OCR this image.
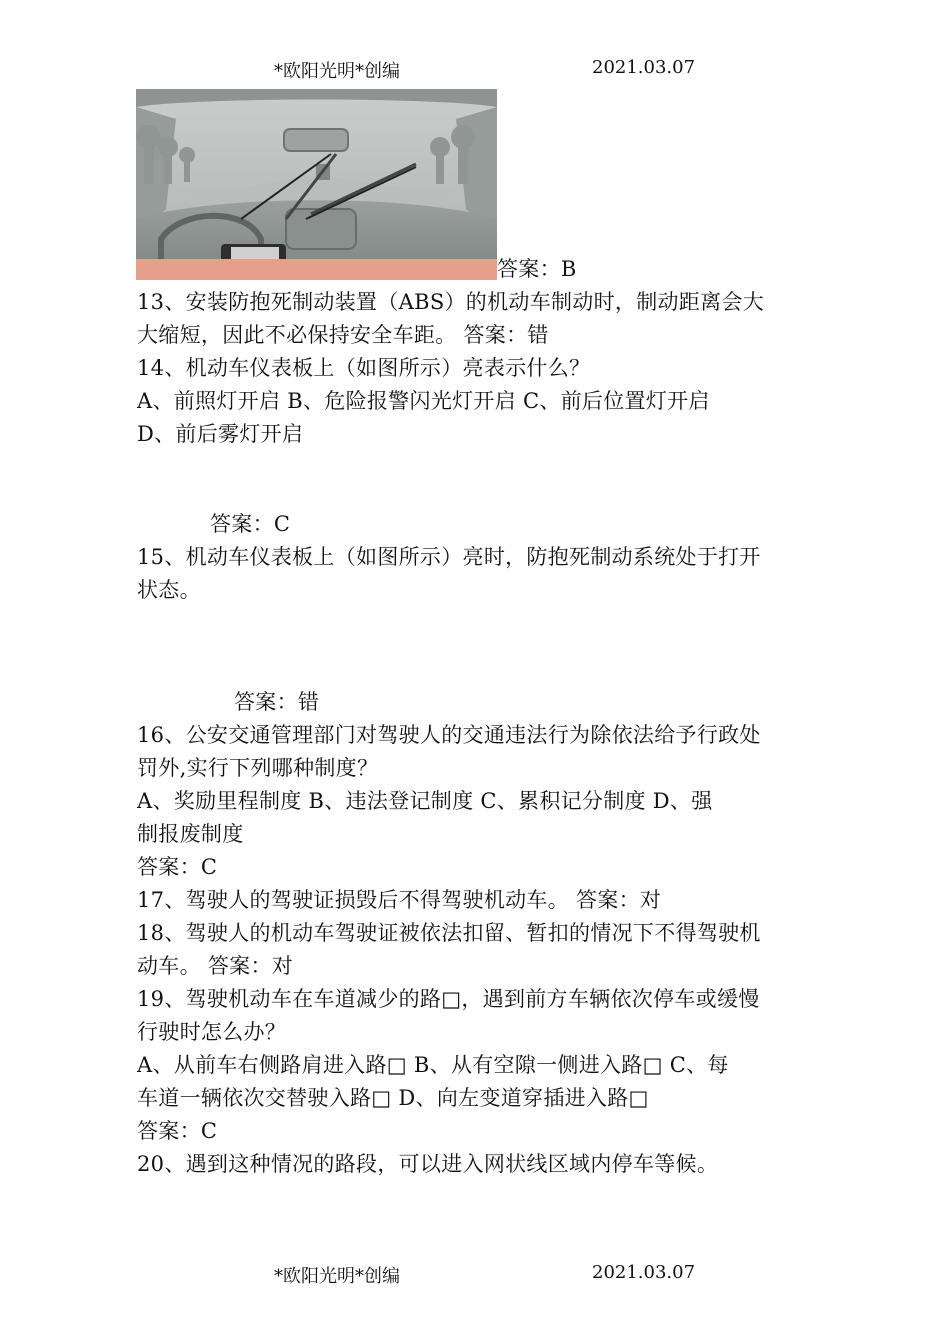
*欧阳光明*创编	2021.03.07
答案：B
13、安装防抱死制动装置（ABS）的机动车制动时，制动距离会大
大缩短，因此不必保持安全车距。 答案：错
14、机动车仪表板上（如图所示）亮表示什么？
A、前照灯开启 B、危险报警闪光灯开启 C、前后位置灯开启
D、前后雾灯开启
答案：C
15、机动车仪表板上（如图所示）亮时，防抱死制动系统处于打开
状态。
答案：错
16、公安交通管理部门对驾驶人的交通违法行为除依法给予行政处
罚外,实行下列哪种制度？
A、奖励里程制度 B、违法登记制度 C、累积记分制度 D、强
制报废制度
答案：C
17、驾驶人的驾驶证损毁后不得驾驶机动车。 答案：对
18、驾驶人的机动车驾驶证被依法扣留、暂扣的情况下不得驾驶机
动车。 答案：对
19、驾驶机动车在车道减少的路□，遇到前方车辆依次停车或缓慢
行驶时怎么办？
A、从前车右侧路肩进入路□ B、从有空隙一侧进入路□ C、每
车道一辆依次交替驶入路□ D、向左变道穿插进入路□
答案：C
20、遇到这种情况的路段，可以进入网状线区域内停车等候。
*欧阳光明*创编	2021.03.07
